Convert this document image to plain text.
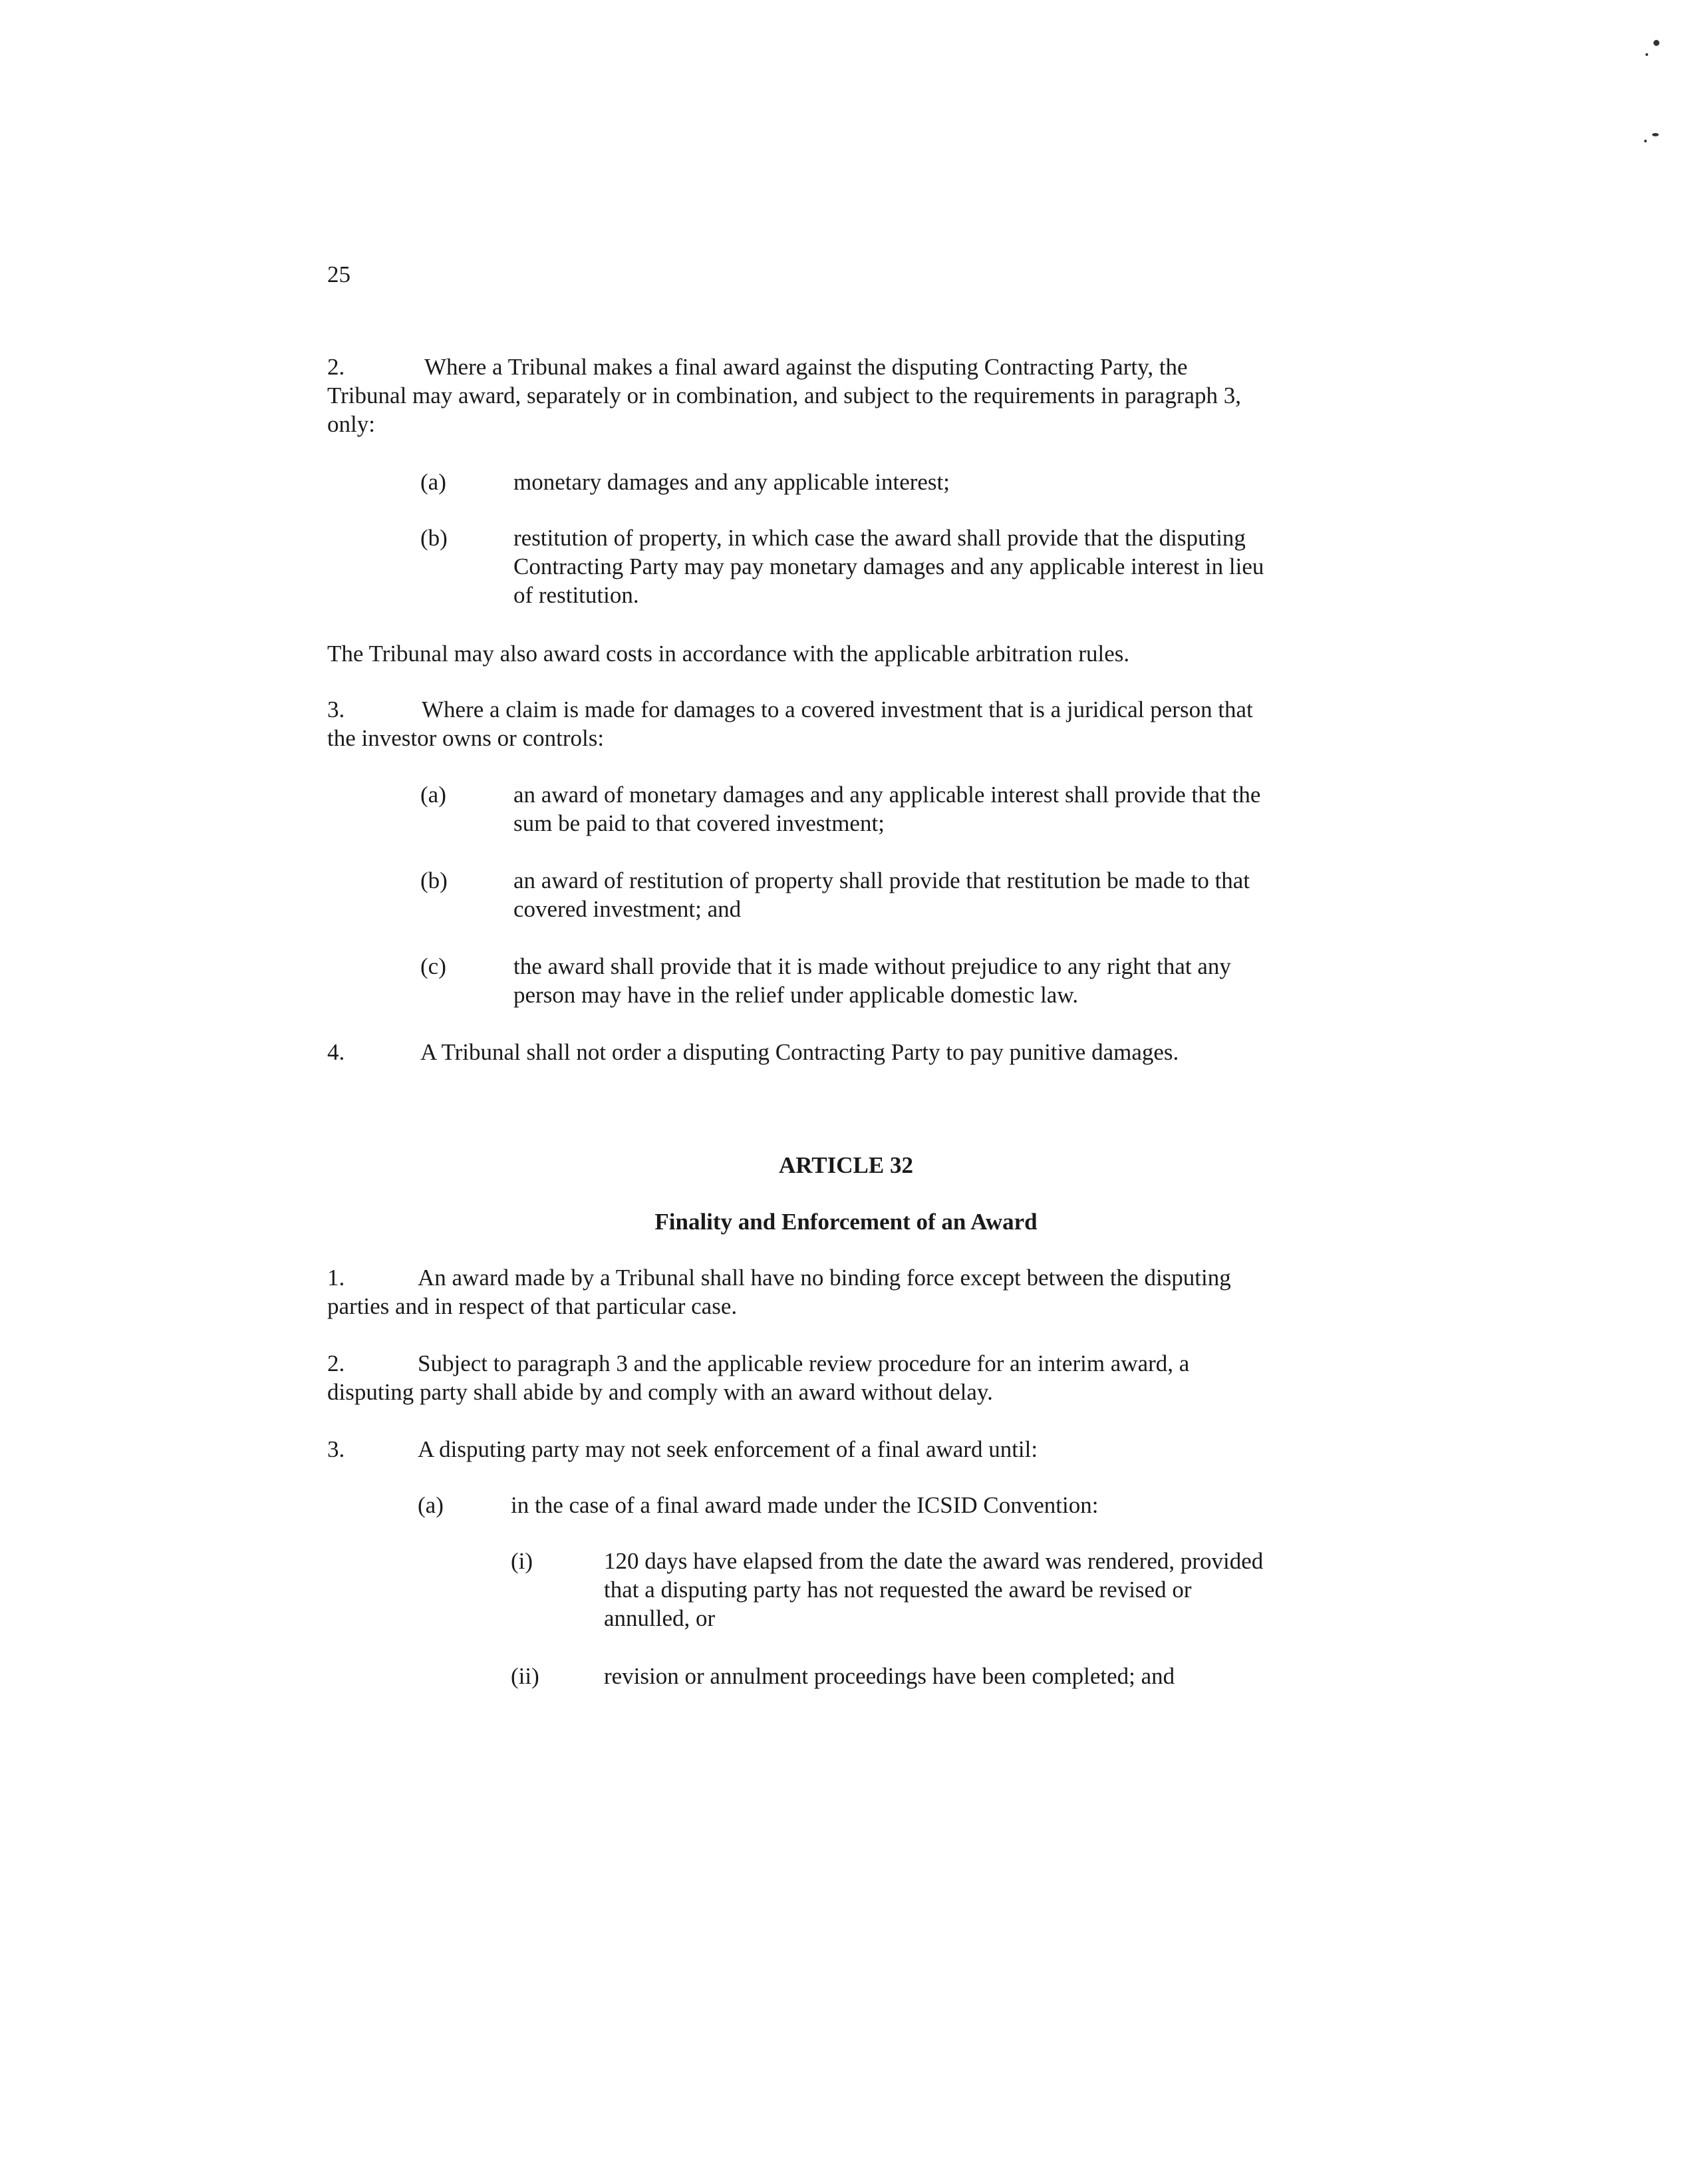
25
2.	Where a Tribunal makes a final award against the disputing Contracting Party, the
Tribunal may award, separately or in combination, and subject to the requirements in paragraph 3,
only:
(a)	monetary damages and any applicable interest;
(b)	restitution of property, in which case the award shall provide that the disputing
Contracting Party may pay monetary damages and any applicable interest in lieu
of restitution.
The Tribunal may also award costs in accordance with the applicable arbitration rules.
3.	Where a claim is made for damages to a covered investment that is a juridical person that
the investor owns or controls:
(a)	an award of monetary damages and any applicable interest shall provide that the
sum be paid to that covered investment;
(b)	an award of restitution of property shall provide that restitution be made to that
covered investment; and
(c)	the award shall provide that it is made without prejudice to any right that any
person may have in the relief under applicable domestic law.
4.	A Tribunal shall not order a disputing Contracting Party to pay punitive damages.
ARTICLE 32
Finality and Enforcement of an Award
1.	An award made by a Tribunal shall have no binding force except between the disputing
parties and in respect of that particular case.
2.	Subject to paragraph 3 and the applicable review procedure for an interim award, a
disputing party shall abide by and comply with an award without delay.
3.	A disputing party may not seek enforcement of a final award until:
(a)	in the case of a final award made under the ICSID Convention:
(i)	120 days have elapsed from the date the award was rendered, provided
that a disputing party has not requested the award be revised or
annulled, or
(ii)	revision or annulment proceedings have been completed; and
